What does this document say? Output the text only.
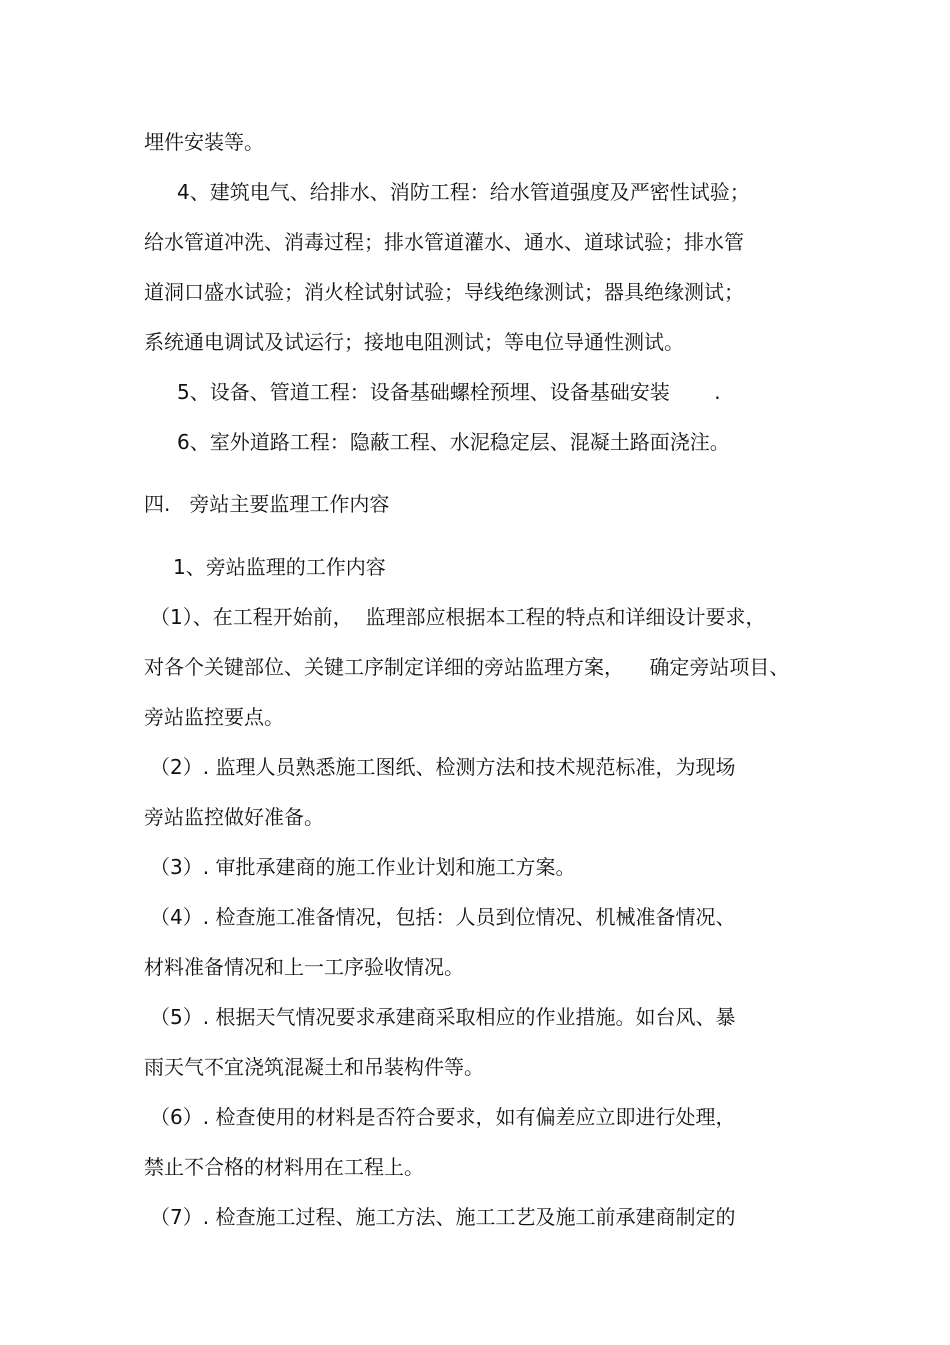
埋件安装等。

4、建筑电气、给排水、消防工程：给水管道强度及严密性试验；

给水管道冲洗、消毒过程；排水管道灌水、通水、道球试验；排水管

道洞口盛水试验；消火栓试射试验；导线绝缘测试；器具绝缘测试；

系统通电调试及试运行；接地电阻测试；等电位导通性测试。

5、设备、管道工程：设备基础螺栓预埋、设备基础安装       .

6、室外道路工程：隐蔽工程、水泥稳定层、混凝土路面浇注。

四.   旁站主要监理工作内容

1、旁站监理的工作内容

（1）、在工程开始前，  监理部应根据本工程的特点和详细设计要求，

对各个关键部位、关键工序制定详细的旁站监理方案，    确定旁站项目、

旁站监控要点。

（2）. 监理人员熟悉施工图纸、检测方法和技术规范标准，为现场

旁站监控做好准备。

（3）. 审批承建商的施工作业计划和施工方案。

（4）. 检查施工准备情况，包括：人员到位情况、机械准备情况、

材料准备情况和上一工序验收情况。

（5）. 根据天气情况要求承建商采取相应的作业措施。如台风、暴

雨天气不宜浇筑混凝土和吊装构件等。

（6）. 检查使用的材料是否符合要求，如有偏差应立即进行处理，

禁止不合格的材料用在工程上。

（7）. 检查施工过程、施工方法、施工工艺及施工前承建商制定的
